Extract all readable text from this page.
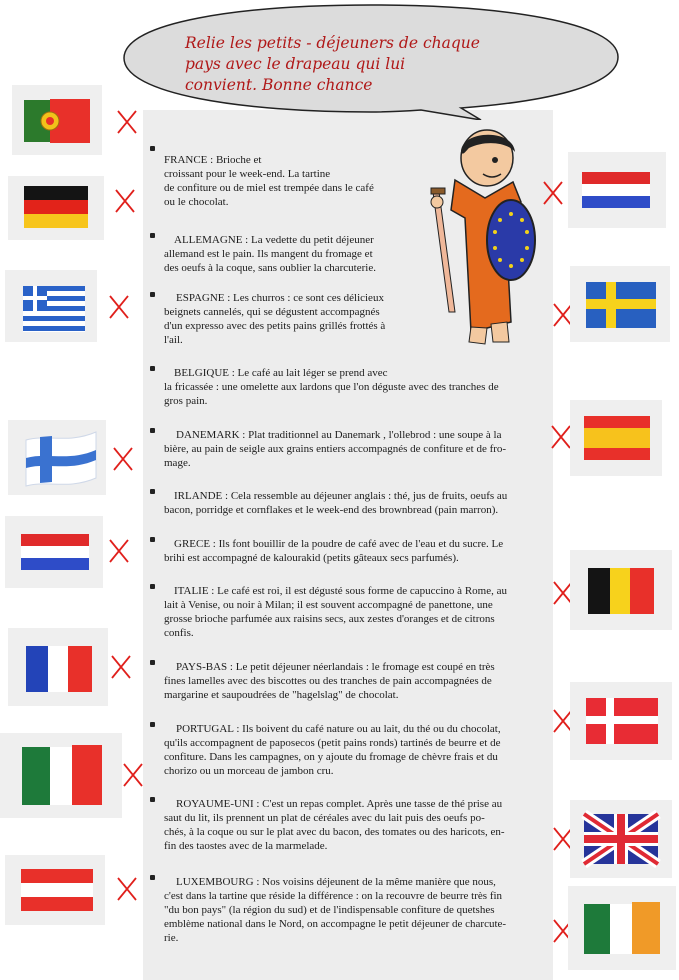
Relie les petits - déjeuners de chaque
pays avec le drapeau qui lui
convient. Bonne chance
FRANCE : Brioche et
croissant pour le week-end. La tartine
de confiture ou de miel est trempée dans le café
ou le chocolat.
ALLEMAGNE : La vedette du petit déjeuner
allemand est le pain. Ils mangent du fromage et
des oeufs à la coque, sans oublier la charcuterie.
ESPAGNE : Les churros : ce sont ces délicieux
beignets cannelés, qui se dégustent accompagnés
d'un expresso avec des petits pains grillés frottés à
l'ail.
BELGIQUE : Le café au lait léger se prend avec
la fricassée : une omelette aux lardons que l'on déguste avec des tranches de
gros pain.
DANEMARK : Plat traditionnel au Danemark , l'ollebrod : une soupe à la
bière, au pain de seigle aux grains entiers accompagnés de confiture et de fro-
mage.
IRLANDE : Cela ressemble au déjeuner anglais : thé, jus de fruits, oeufs au
bacon, porridge et cornflakes et le week-end des brownbread (pain marron).
GRECE : Ils font bouillir de la poudre de café avec de l'eau et du sucre. Le
brihi est accompagné de kalourakid (petits gâteaux secs parfumés).
ITALIE : Le café est roi, il est dégusté sous forme de capuccino à Rome, au
lait à Venise, ou noir à Milan; il est souvent accompagné de panettone, une
grosse brioche parfumée aux raisins secs, aux zestes d'oranges et de citrons
confis.
PAYS-BAS : Le petit déjeuner néerlandais : le fromage est coupé en très
fines lamelles avec des biscottes ou des tranches de pain accompagnées de
margarine et saupoudrées de "hagelslag" de chocolat.
PORTUGAL : Ils boivent du café nature ou au lait, du thé ou du chocolat,
qu'ils accompagnent de paposecos (petit pains ronds) tartinés de beurre et de
confiture. Dans les campagnes, on y ajoute du fromage de chèvre frais et du
chorizo ou un morceau de jambon cru.
ROYAUME-UNI : C'est un repas complet. Après une tasse de thé prise au
saut du lit, ils prennent un plat de céréales avec du lait puis des oeufs po-
chés, à la coque ou sur le plat avec du bacon, des tomates ou des haricots, en-
fin des taostes avec de la marmelade.
LUXEMBOURG : Nos voisins déjeunent de la même manière que nous,
c'est dans la tartine que réside la différence : on la recouvre de beurre très fin
"du bon pays" (la région du sud) et de l'indispensable confiture de quetshes
emblème national dans le Nord, on accompagne le petit déjeuner de charcute-
rie.
